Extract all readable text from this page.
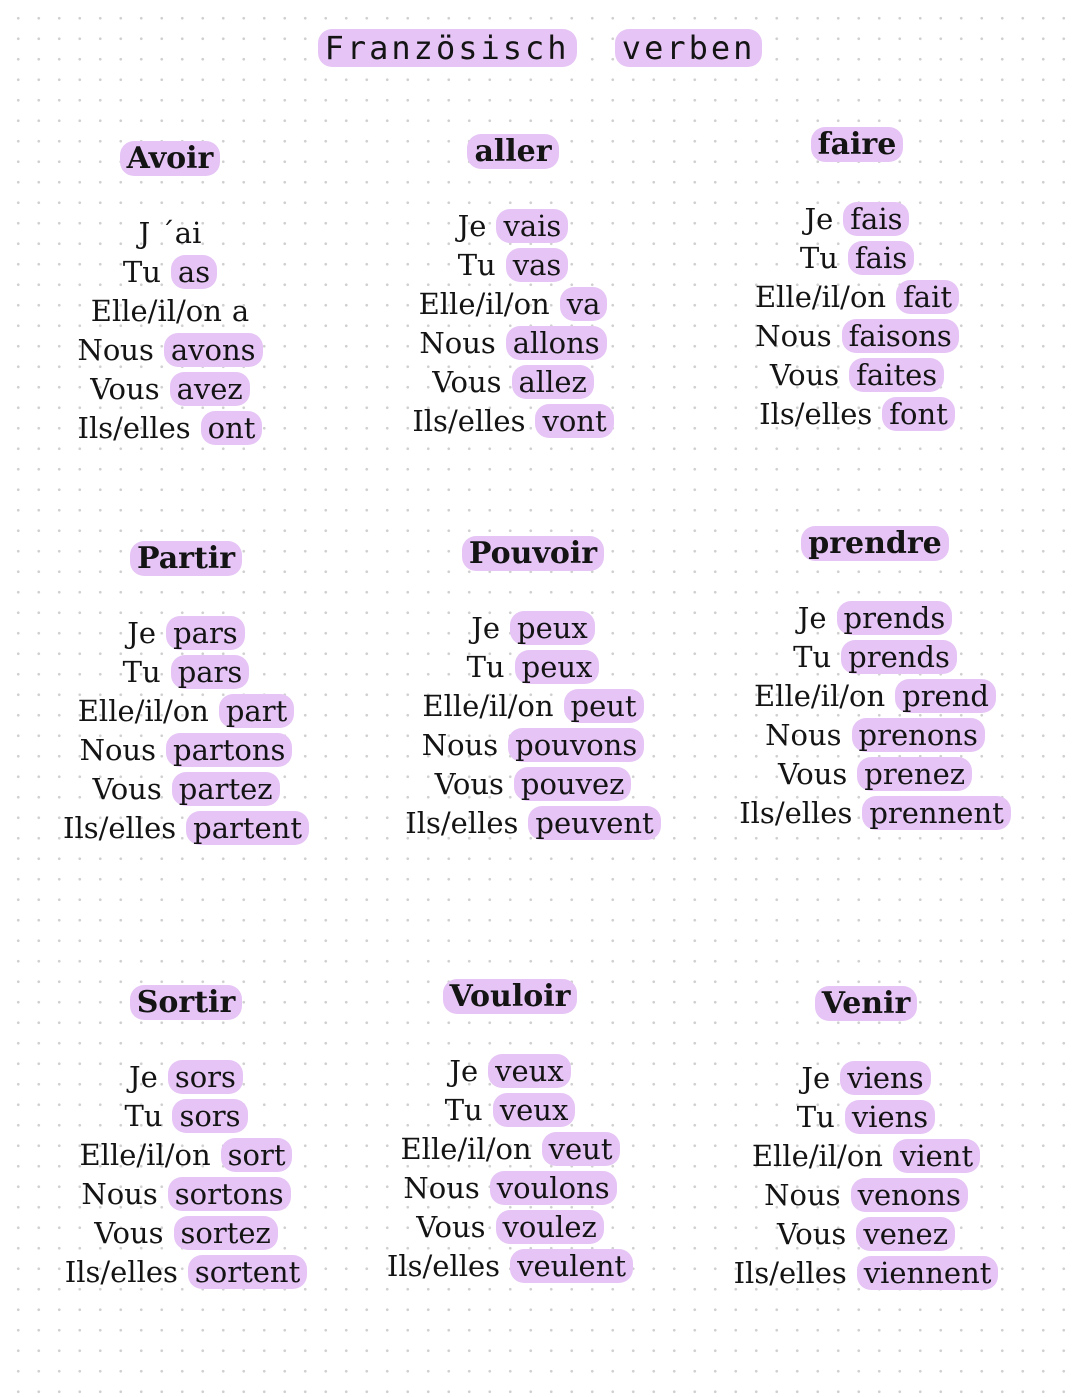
Französisch verben
Avoir
J ´ai
Tu as
Elle/il/on a
Nous avons
Vous avez
Ils/elles ont
aller
Je vais
Tu vas
Elle/il/on va
Nous allons
Vous allez
Ils/elles vont
faire
Je fais
Tu fais
Elle/il/on fait
Nous faisons
Vous faites
Ils/elles font
Partir
Je pars
Tu pars
Elle/il/on part
Nous partons
Vous partez
Ils/elles partent
Pouvoir
Je peux
Tu peux
Elle/il/on peut
Nous pouvons
Vous pouvez
Ils/elles peuvent
prendre
Je prends
Tu prends
Elle/il/on prend
Nous prenons
Vous prenez
Ils/elles prennent
Sortir
Je sors
Tu sors
Elle/il/on sort
Nous sortons
Vous sortez
Ils/elles sortent
Vouloir
Je veux
Tu veux
Elle/il/on veut
Nous voulons
Vous voulez
Ils/elles veulent
Venir
Je viens
Tu viens
Elle/il/on vient
Nous venons
Vous venez
Ils/elles viennent
